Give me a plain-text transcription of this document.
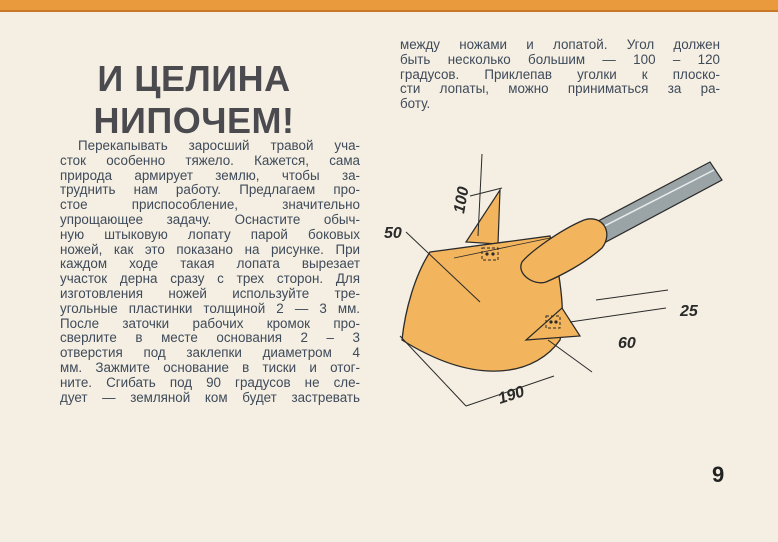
И ЦЕЛИНА
НИПОЧЕМ!
Перекапывать заросший травой уча-
сток особенно тяжело. Кажется, сама
природа армирует землю, чтобы за-
труднить нам работу. Предлагаем про-
стое приспособление, значительно
упрощающее задачу. Оснастите обыч-
ную штыковую лопату парой боковых
ножей, как это показано на рисунке. При
каждом ходе такая лопата вырезает
участок дерна сразу с трех сторон. Для
изготовления ножей используйте тре-
угольные пластинки толщиной 2 — 3 мм.
После заточки рабочих кромок про-
сверлите в месте основания 2 – 3
отверстия под заклепки диаметром 4
мм. Зажмите основание в тиски и отог-
ните. Сгибать под 90 градусов не сле-
дует — земляной ком будет застревать
между ножами и лопатой. Угол должен
быть несколько большим — 100 – 120
градусов. Приклепав уголки к плоско-
сти лопаты, можно приниматься за ра-
боту.
100
50
25
60
190
9
